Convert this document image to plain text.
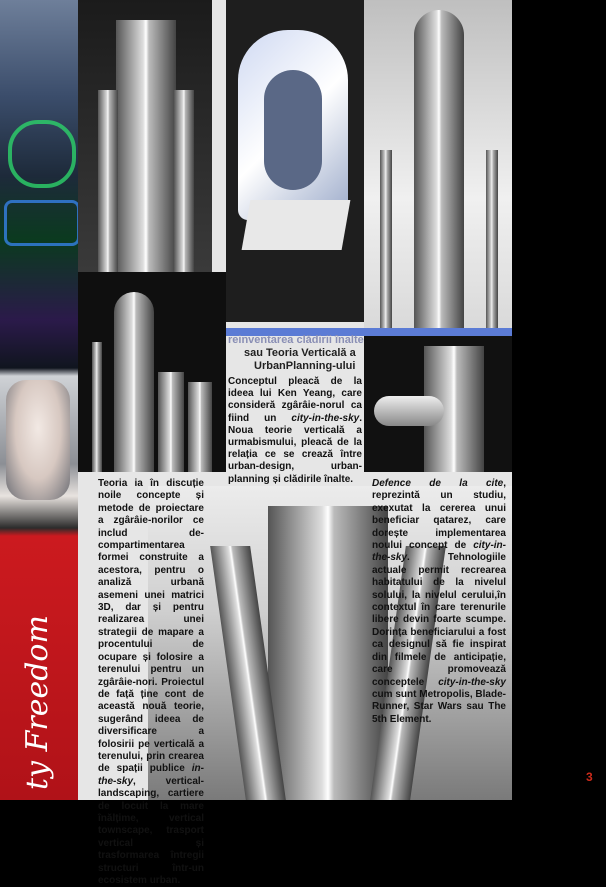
ty Freedom
reinventarea clădirii înalte
sau Teoria Verticală a
UrbanPlanning-ului
Conceptul pleacă de la ideea lui Ken Yeang, care consideră zgârâie-norul ca fiind un city-in-the-sky. Noua teorie verticală a urmabismului, pleacă de la relația ce se crează între urban-design, urban-planning și clădirile înalte.
Teoria ia în discuție noile concepte și metode de proiectare a zgârâie-norilor ce includ de-compartimentarea formei construite a acestora, pentru o analiză urbană asemeni unei matrici 3D, dar și pentru realizarea unei strategii de mapare a procentului de ocupare și folosire a terenului pentru un zgârâie-nori. Proiectul de față ține cont de această nouă teorie, sugerând ideea de diversificare a folosirii pe verticală a terenului, prin crearea de spații publice in-the-sky, vertical-landscaping, cartiere de locuit la mare înălțime, vertical townscape, trasport vertical și trasformarea întregii structuri într-un ecosistem urban.
Defence de la cite, reprezintă un studiu, exexutat la cererea unui beneficiar qatarez, care dorește implementarea noului concept de city-in-the-sky. Tehnologiile actuale permit recrearea habitatului de la nivelul solului, la nivelul cerului,în contextul în care terenurile libere devin foarte scumpe. Dorința beneficiarului a fost ca designul să fie inspirat din filmele de anticipație, care promovează conceptele city-in-the-sky cum sunt Metropolis, Blade-Runner, Star Wars sau The 5th Element.
3
